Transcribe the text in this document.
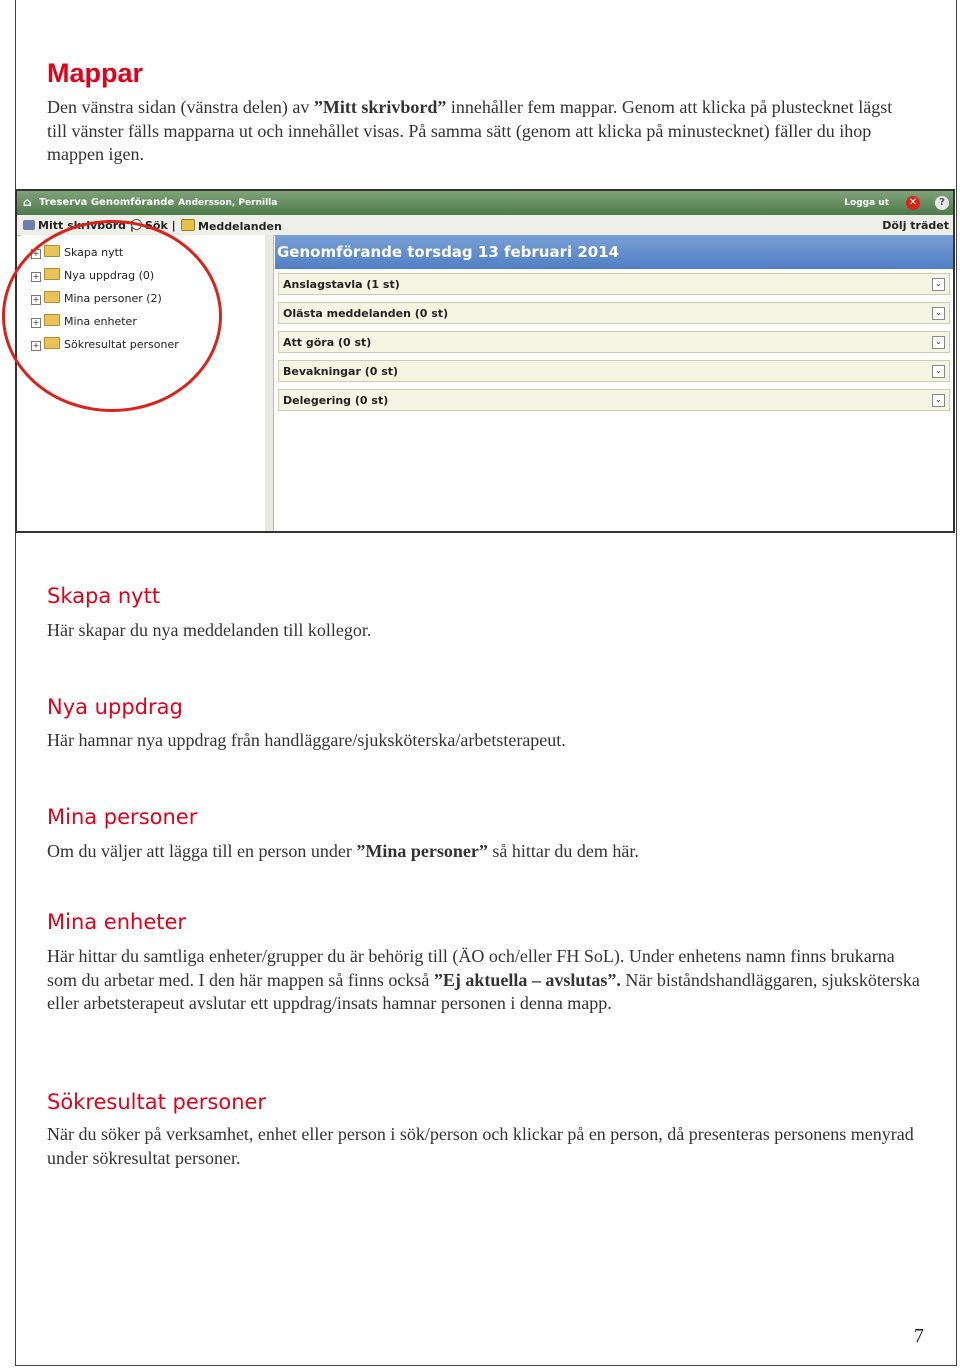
Mappar

Den vänstra sidan (vänstra delen) av ”Mitt skrivbord” innehåller fem mappar. Genom att klicka på plustecknet lägst till vänster fälls mapparna ut och innehållet visas. På samma sätt (genom att klicka på minustecknet) fäller du ihop mappen igen.

⌂ Treserva Genomförande Andersson, Pernilla	Logga ut ✕	?
Mitt skrivbord	Sök |	Meddelanden	Dölj trädet
+ Skapa nytt
+ Nya uppdrag (0)
+ Mina personer (2)
+ Mina enheter
+ Sökresultat personer
Genomförande torsdag 13 februari 2014
Anslagstavla (1 st)	⌄
Olästa meddelanden (0 st)	⌄
Att göra (0 st)	⌄
Bevakningar (0 st)	⌄
Delegering (0 st)	⌄
Skapa nytt

Här skapar du nya meddelanden till kollegor.

Nya uppdrag

Här hamnar nya uppdrag från handläggare/sjuksköterska/arbetsterapeut.

Mina personer

Om du väljer att lägga till en person under ”Mina personer” så hittar du dem här.

Mina enheter

Här hittar du samtliga enheter/grupper du är behörig till (ÄO och/eller FH SoL). Under enhetens namn finns brukarna som du arbetar med. I den här mappen så finns också ”Ej aktuella – avslutas”. När biståndshandläggaren, sjuksköterska eller arbetsterapeut avslutar ett uppdrag/insats hamnar personen i denna mapp.

Sökresultat personer

När du söker på verksamhet, enhet eller person i sök/person och klickar på en person, då presenteras personens menyrad under sökresultat personer.

7
